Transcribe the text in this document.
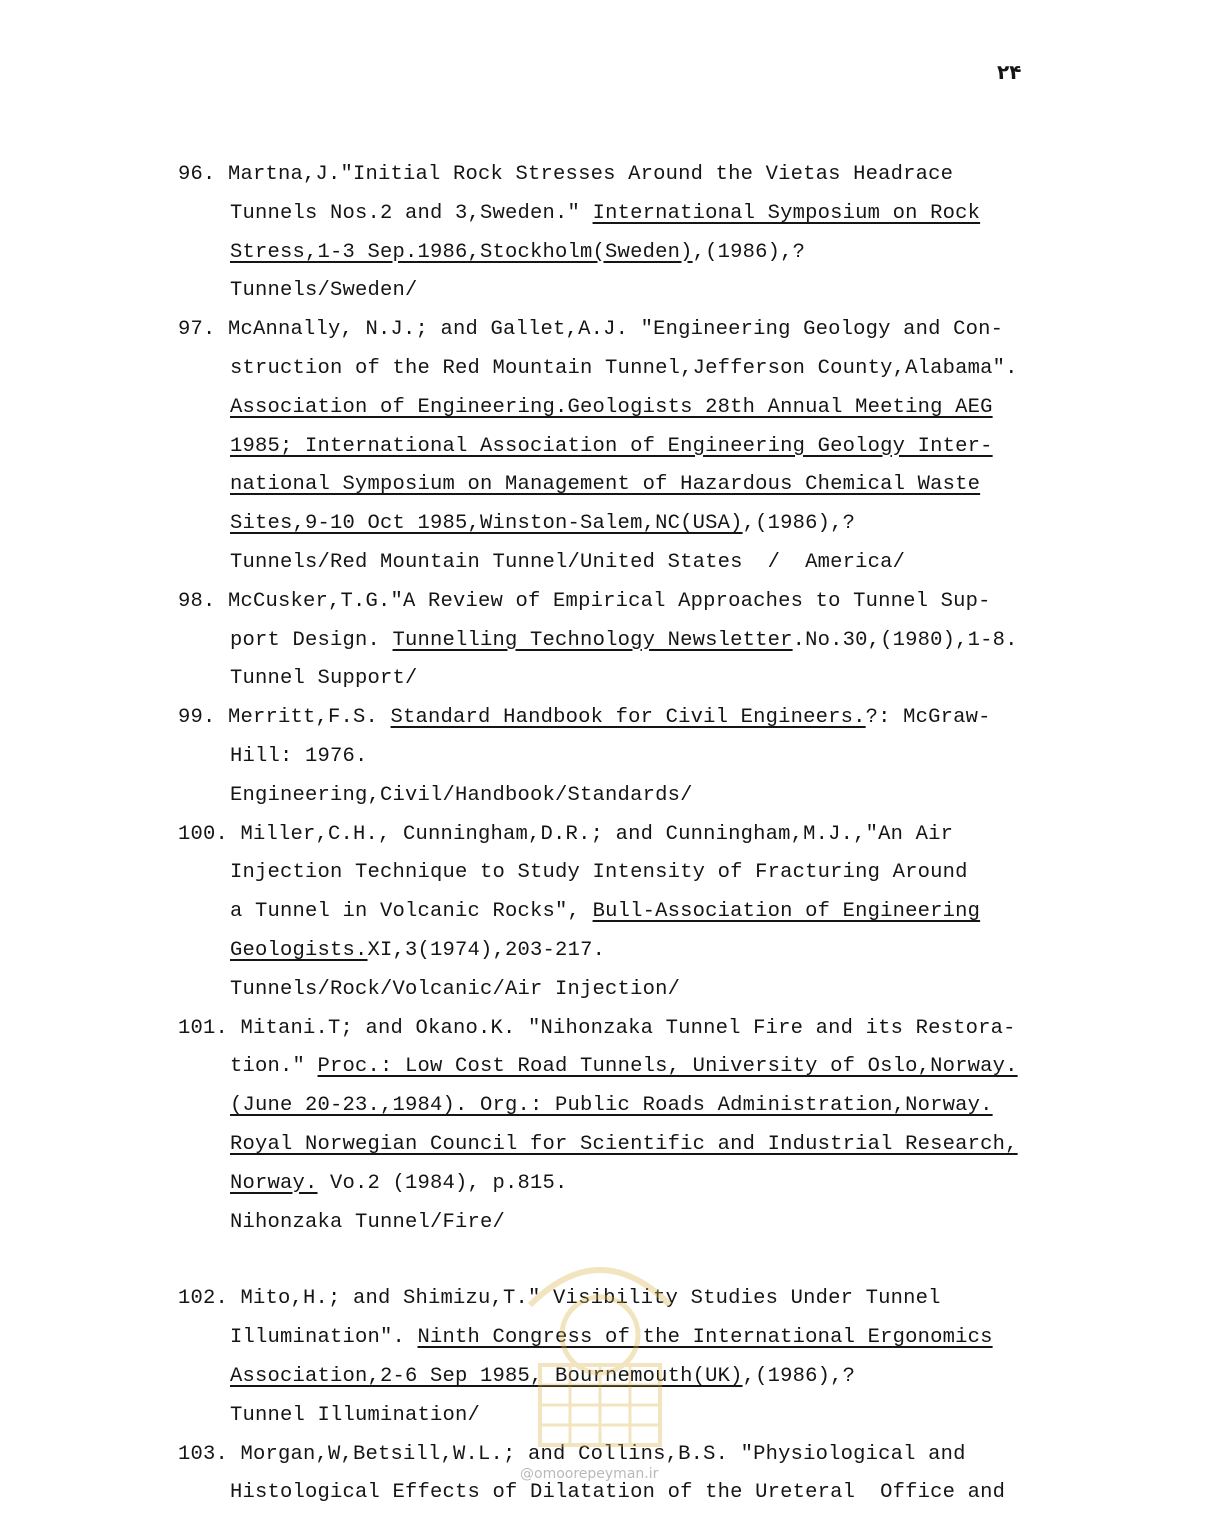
۲۴
96. Martna,J."Initial Rock Stresses Around the Vietas Headrace
Tunnels Nos.2 and 3,Sweden." International Symposium on Rock
Stress,1-3 Sep.1986,Stockholm(Sweden),(1986),?
Tunnels/Sweden/
97. McAnnally, N.J.; and Gallet,A.J. "Engineering Geology and Con-
struction of the Red Mountain Tunnel,Jefferson County,Alabama".
Association of Engineering.Geologists 28th Annual Meeting AEG
1985; International Association of Engineering Geology Inter-
national Symposium on Management of Hazardous Chemical Waste
Sites,9-10 Oct 1985,Winston-Salem,NC(USA),(1986),?
Tunnels/Red Mountain Tunnel/United States  /  America/
98. McCusker,T.G."A Review of Empirical Approaches to Tunnel Sup-
port Design. Tunnelling Technology Newsletter.No.30,(1980),1-8.
Tunnel Support/
99. Merritt,F.S. Standard Handbook for Civil Engineers.?: McGraw-
Hill: 1976.
Engineering,Civil/Handbook/Standards/
100. Miller,C.H., Cunningham,D.R.; and Cunningham,M.J.,"An Air
Injection Technique to Study Intensity of Fracturing Around
a Tunnel in Volcanic Rocks", Bull-Association of Engineering
Geologists.XI,3(1974),203-217.
Tunnels/Rock/Volcanic/Air Injection/
101. Mitani.T; and Okano.K. "Nihonzaka Tunnel Fire and its Restora-
tion." Proc.: Low Cost Road Tunnels, University of Oslo,Norway.
(June 20-23.,1984). Org.: Public Roads Administration,Norway.
Royal Norwegian Council for Scientific and Industrial Research,
Norway. Vo.2 (1984), p.815.
Nihonzaka Tunnel/Fire/
102. Mito,H.; and Shimizu,T." Visibility Studies Under Tunnel
Illumination". Ninth Congress of the International Ergonomics
Association,2-6 Sep 1985, Bournemouth(UK),(1986),?
Tunnel Illumination/
103. Morgan,W,Betsill,W.L.; and Collins,B.S. "Physiological and
Histological Effects of Dilatation of the Ureteral  Office and
@omoorepeyman.ir
